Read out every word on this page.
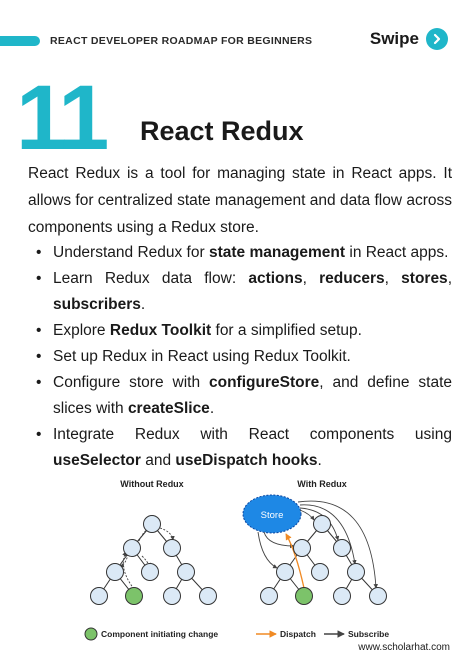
REACT DEVELOPER ROADMAP FOR BEGINNERS	Swipe
11 React Redux

React Redux is a tool for managing state in React apps. It allows for centralized state management and data flow across components using a Redux store.

• Understand Redux for state management in React apps.
• Learn Redux data flow: actions, reducers, stores, subscribers.
• Explore Redux Toolkit for a simplified setup.
• Set up Redux in React using Redux Toolkit.
• Configure store with configureStore, and define state slices with createSlice.
• Integrate Redux with React components using useSelector and useDispatch hooks.
Without Redux	With Redux
Store
Component initiating change	Dispatch	Subscribe
www.scholarhat.com
